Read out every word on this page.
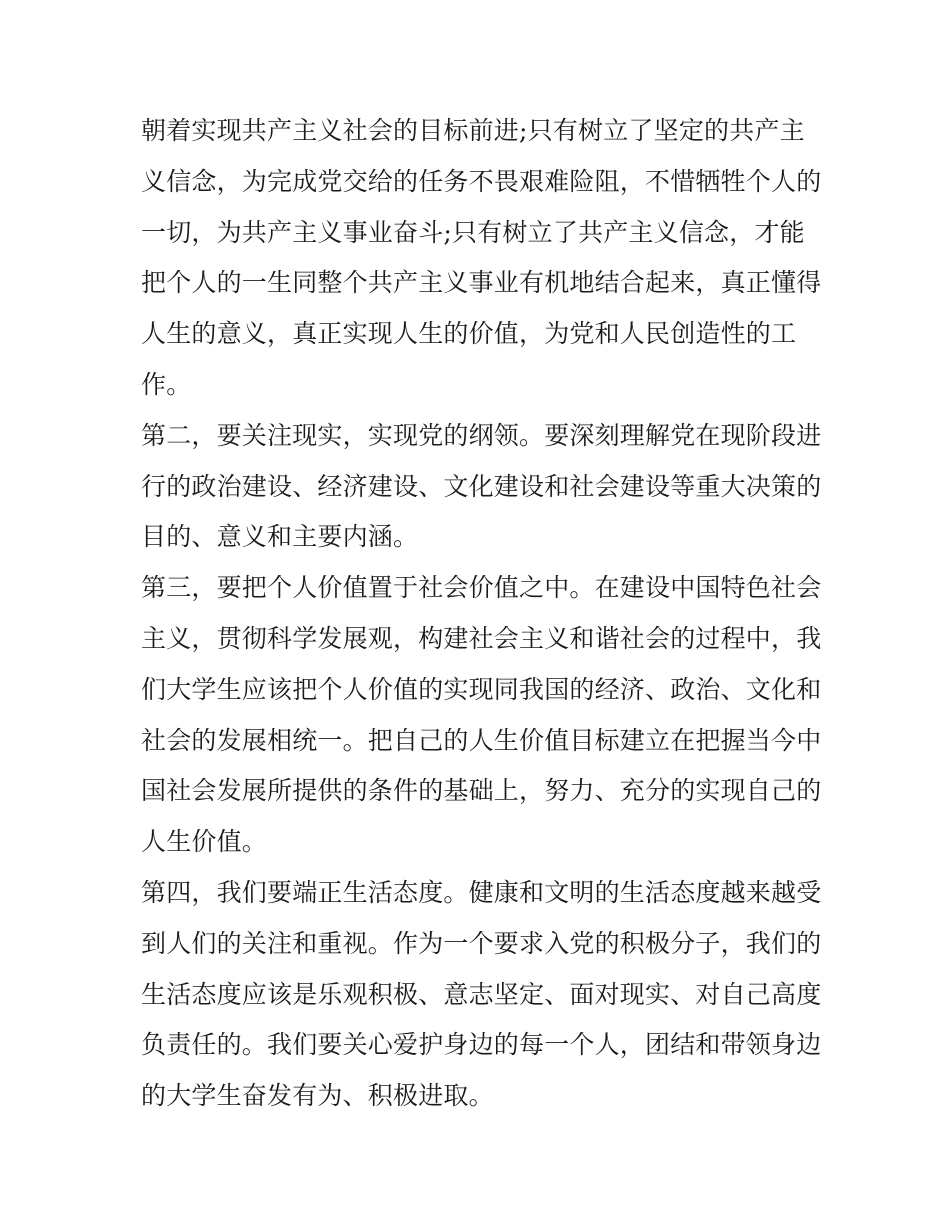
朝着实现共产主义社会的目标前进;只有树立了坚定的共产主
义信念，为完成党交给的任务不畏艰难险阻，不惜牺牲个人的
一切，为共产主义事业奋斗;只有树立了共产主义信念，才能
把个人的一生同整个共产主义事业有机地结合起来，真正懂得
人生的意义，真正实现人生的价值，为党和人民创造性的工
作。
第二，要关注现实，实现党的纲领。要深刻理解党在现阶段进
行的政治建设、经济建设、文化建设和社会建设等重大决策的
目的、意义和主要内涵。
第三，要把个人价值置于社会价值之中。在建设中国特色社会
主义，贯彻科学发展观，构建社会主义和谐社会的过程中，我
们大学生应该把个人价值的实现同我国的经济、政治、文化和
社会的发展相统一。把自己的人生价值目标建立在把握当今中
国社会发展所提供的条件的基础上，努力、充分的实现自己的
人生价值。
第四，我们要端正生活态度。健康和文明的生活态度越来越受
到人们的关注和重视。作为一个要求入党的积极分子，我们的
生活态度应该是乐观积极、意志坚定、面对现实、对自己高度
负责任的。我们要关心爱护身边的每一个人，团结和带领身边
的大学生奋发有为、积极进取。
